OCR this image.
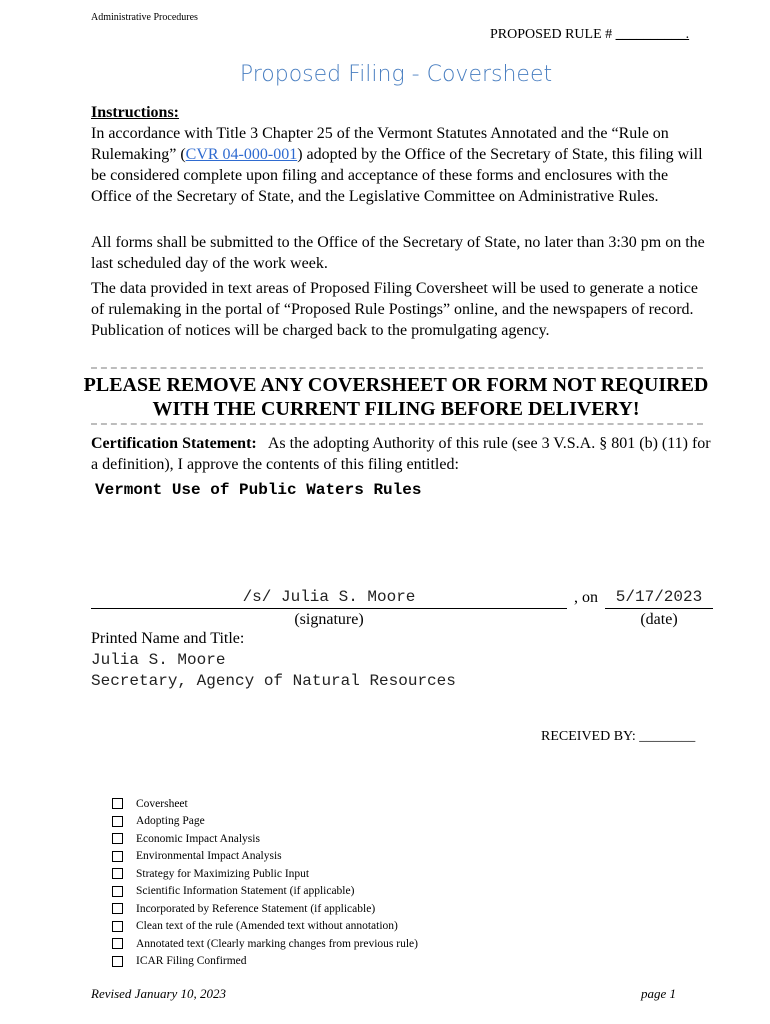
Administrative Procedures
PROPOSED RULE # __________.
Proposed Filing - Coversheet
Instructions:
In accordance with Title 3 Chapter 25 of the Vermont Statutes Annotated and the “Rule on Rulemaking” (CVR 04-000-001) adopted by the Office of the Secretary of State, this filing will be considered complete upon filing and acceptance of these forms and enclosures with the Office of the Secretary of State, and the Legislative Committee on Administrative Rules.
All forms shall be submitted to the Office of the Secretary of State, no later than 3:30 pm on the last scheduled day of the work week.
The data provided in text areas of Proposed Filing Coversheet will be used to generate a notice of rulemaking in the portal of “Proposed Rule Postings” online, and the newspapers of record. Publication of notices will be charged back to the promulgating agency.
PLEASE REMOVE ANY COVERSHEET OR FORM NOT REQUIRED WITH THE CURRENT FILING BEFORE DELIVERY!
Certification Statement: As the adopting Authority of this rule (see 3 V.S.A. § 801 (b) (11) for a definition), I approve the contents of this filing entitled:
Vermont Use of Public Waters Rules
/s/ Julia S. Moore	, on	5/17/2023
(signature)	(date)
Printed Name and Title:
Julia S. Moore
Secretary, Agency of Natural Resources
RECEIVED BY: ________
Coversheet
Adopting Page
Economic Impact Analysis
Environmental Impact Analysis
Strategy for Maximizing Public Input
Scientific Information Statement (if applicable)
Incorporated by Reference Statement (if applicable)
Clean text of the rule (Amended text without annotation)
Annotated text (Clearly marking changes from previous rule)
ICAR Filing Confirmed
Revised January 10, 2023	page 1
